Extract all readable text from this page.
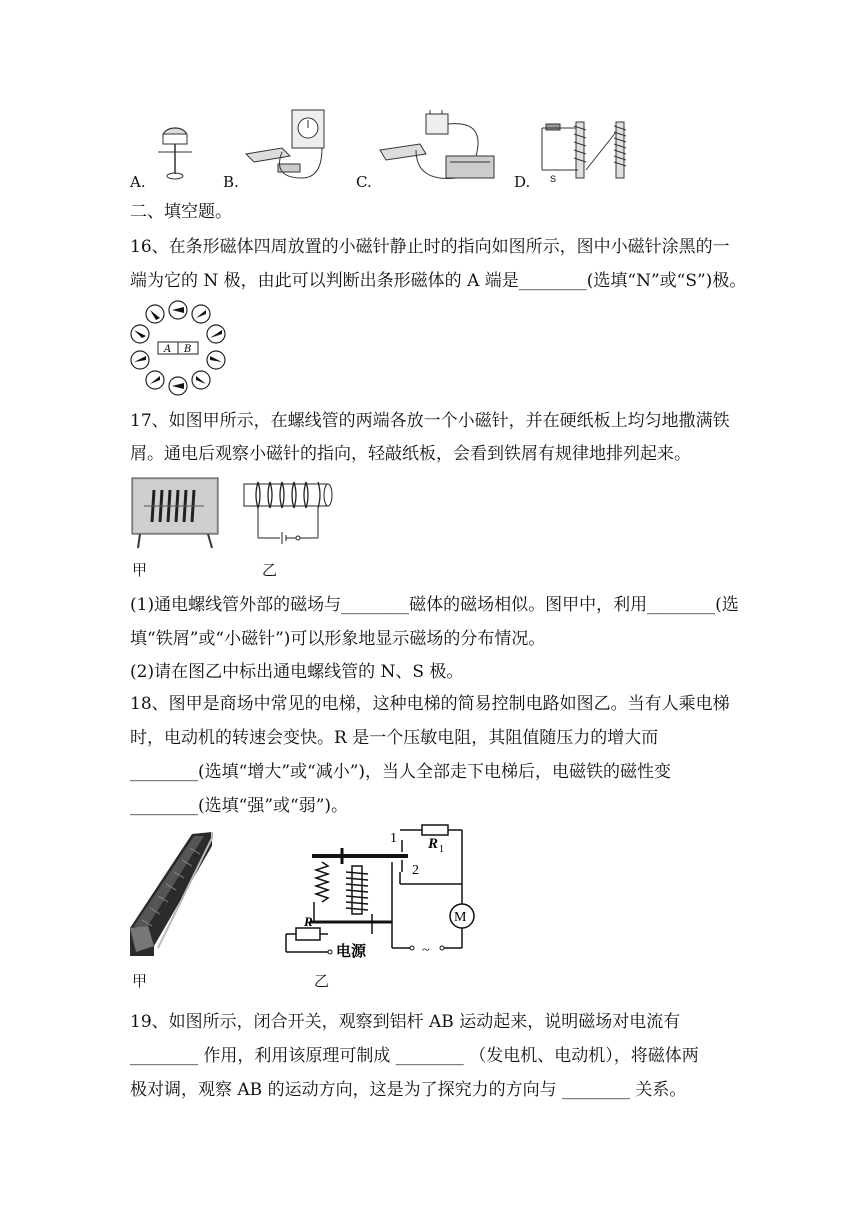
S
A.	B.	C.	D.
二、填空题。
16、在条形磁体四周放置的小磁针静止时的指向如图所示，图中小磁针涂黑的一
端为它的 N 极，由此可以判断出条形磁体的 A 端是________(选填“N”或“S”)极。
A B
17、如图甲所示，在螺线管的两端各放一个小磁针，并在硬纸板上均匀地撒满铁
屑。通电后观察小磁针的指向，轻敲纸板，会看到铁屑有规律地排列起来。
甲	乙
(1)通电螺线管外部的磁场与________磁体的磁场相似。图甲中，利用________(选
填“铁屑”或“小磁针”)可以形象地显示磁场的分布情况。
(2)请在图乙中标出通电螺线管的 N、S 极。
18、图甲是商场中常见的电梯，这种电梯的简易控制电路如图乙。当有人乘电梯
时，电动机的转速会变快。R 是一个压敏电阻，其阻值随压力的增大而
________(选填“增大”或“减小”)，当人全部走下电梯后，电磁铁的磁性变
________(选填“强”或“弱”)。
1
2
R 1
M
R
电源	~
甲	乙
19、如图所示，闭合开关，观察到铝杆 AB 运动起来，说明磁场对电流有
________ 作用，利用该原理可制成 ________ （发电机、电动机），将磁体两
极对调，观察 AB 的运动方向，这是为了探究力的方向与 ________ 关系。
